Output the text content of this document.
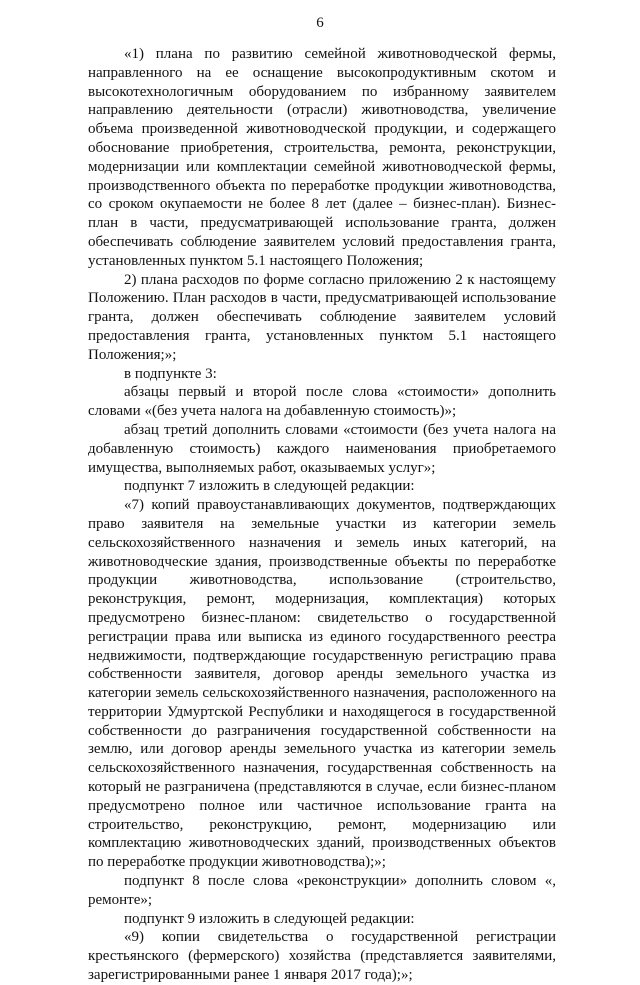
6

«1) плана по развитию семейной животноводческой фермы, направленного на ее оснащение высокопродуктивным скотом и высокотехнологичным оборудованием по избранному заявителем направлению деятельности (отрасли) животноводства, увеличение объема произведенной животноводческой продукции, и содержащего обоснование приобретения, строительства, ремонта, реконструкции, модернизации или комплектации семейной животноводческой фермы, производственного объекта по переработке продукции животноводства, со сроком окупаемости не более 8 лет (далее – бизнес-план). Бизнес-план в части, предусматривающей использование гранта, должен обеспечивать соблюдение заявителем условий предоставления гранта, установленных пунктом 5.1 настоящего Положения;

2) плана расходов по форме согласно приложению 2 к настоящему Положению. План расходов в части, предусматривающей использование гранта, должен обеспечивать соблюдение заявителем условий предоставления гранта, установленных пунктом 5.1 настоящего Положения;»;

в подпункте 3:

абзацы первый и второй после слова «стоимости» дополнить словами «(без учета налога на добавленную стоимость)»;

абзац третий дополнить словами «стоимости (без учета налога на добавленную стоимость) каждого наименования приобретаемого имущества, выполняемых работ, оказываемых услуг»;

подпункт 7 изложить в следующей редакции:

«7) копий правоустанавливающих документов, подтверждающих право заявителя на земельные участки из категории земель сельскохозяйственного назначения и земель иных категорий, на животноводческие здания, производственные объекты по переработке продукции животноводства, использование (строительство, реконструкция, ремонт, модернизация, комплектация) которых предусмотрено бизнес-планом: свидетельство о государственной регистрации права или выписка из единого государственного реестра недвижимости, подтверждающие государственную регистрацию права собственности заявителя, договор аренды земельного участка из категории земель сельскохозяйственного назначения, расположенного на территории Удмуртской Республики и находящегося в государственной собственности до разграничения государственной собственности на землю, или договор аренды земельного участка из категории земель сельскохозяйственного назначения, государственная собственность на который не разграничена (представляются в случае, если бизнес-планом предусмотрено полное или частичное использование гранта на строительство, реконструкцию, ремонт, модернизацию или комплектацию животноводческих зданий, производственных объектов по переработке продукции животноводства);»;

подпункт 8 после слова «реконструкции» дополнить словом «, ремонте»;

подпункт 9 изложить в следующей редакции:

«9) копии свидетельства о государственной регистрации крестьянского (фермерского) хозяйства (представляется заявителями, зарегистрированными ранее 1 января 2017 года);»;
